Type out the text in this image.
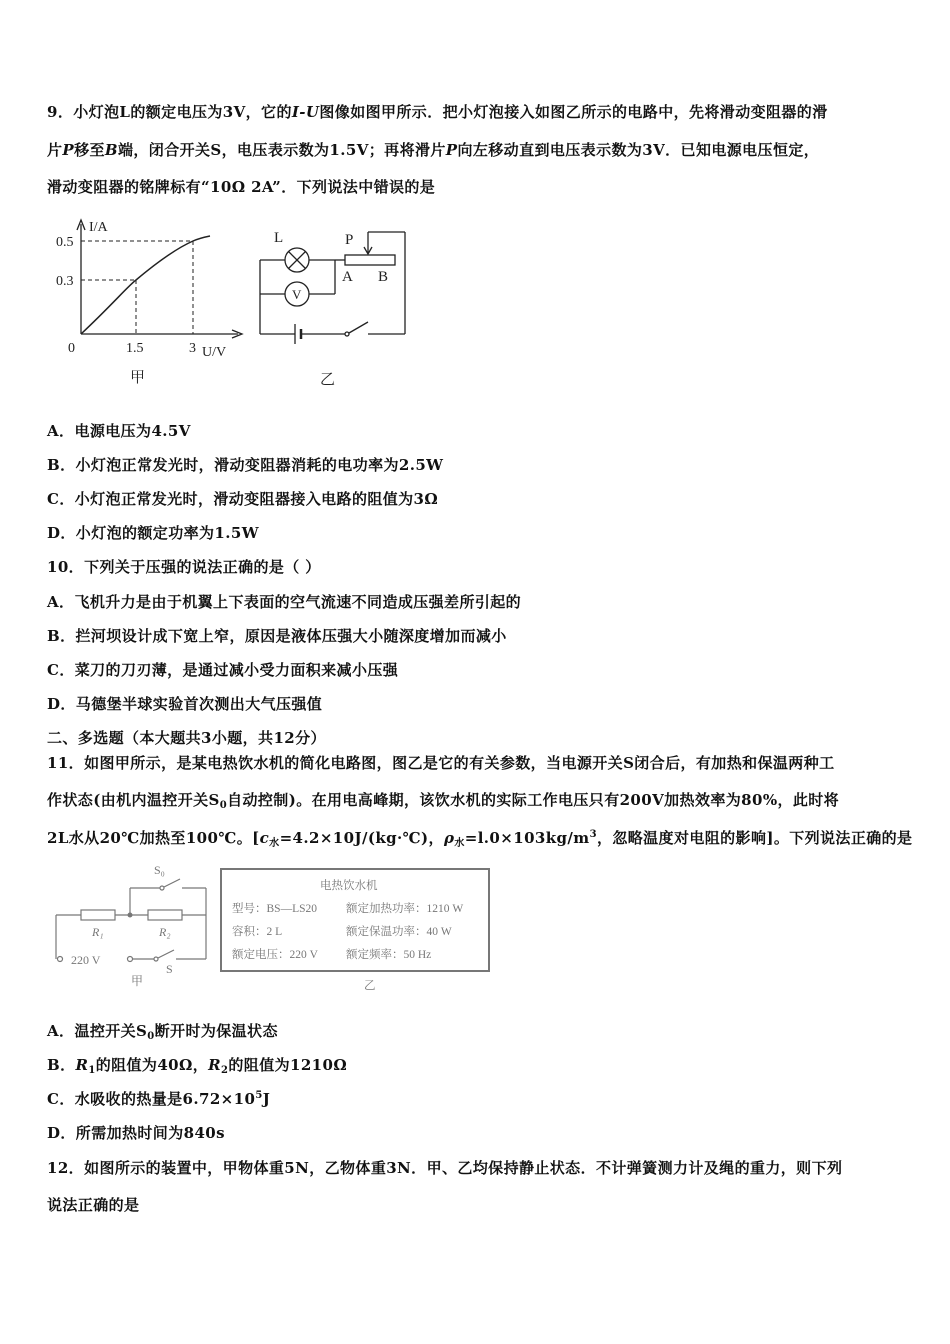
9．小灯泡L的额定电压为3V，它的I-U图像如图甲所示．把小灯泡接入如图乙所示的电路中，先将滑动变阻器的滑
片P移至B端，闭合开关S，电压表示数为1.5V；再将滑片P向左移动直到电压表示数为3V．已知电源电压恒定，
滑动变阻器的铭牌标有“10Ω 2A”．下列说法中错误的是
I/A
0.5
0.3
0	1.5	3 U/V
甲
L	P
A B
V
乙
A．电源电压为4.5V
B．小灯泡正常发光时，滑动变阻器消耗的电功率为2.5W
C．小灯泡正常发光时，滑动变阻器接入电路的阻值为3Ω
D．小灯泡的额定功率为1.5W
10．下列关于压强的说法正确的是（ ）
A．飞机升力是由于机翼上下表面的空气流速不同造成压强差所引起的
B．拦河坝设计成下宽上窄，原因是液体压强大小随深度增加而减小
C．菜刀的刀刃薄，是通过减小受力面积来减小压强
D．马德堡半球实验首次测出大气压强值
二、多选题（本大题共3小题，共12分）
11．如图甲所示，是某电热饮水机的简化电路图，图乙是它的有关参数，当电源开关S闭合后，有加热和保温两种工
作状态(由机内温控开关$S_0$自动控制)。在用电高峰期，该饮水机的实际工作电压只有200V加热效率为80%，此时将
2L水从20℃加热至100℃。[$c_水=4.2\times 10J/(kg\cdot℃)$，$\rho_水=l.0\times 103kg/m^3$，忽略温度对电阻的影响]。下列说法正确的是
S₀
R₁	R₂
220 V
S
甲
电热饮水机
型号：BS—LS20	额定加热功率：1210 W
容积：2 L	额定保温功率：40 W
额定电压：220 V 额定频率：50 Hz
乙
A．温控开关$S_0$断开时为保温状态
B．$R_1$的阻值为40Ω，$R_2$的阻值为1210Ω
C．水吸收的热量是$6.72\times 10^5J$
D．所需加热时间为840s
12．如图所示的装置中，甲物体重5N，乙物体重3N．甲、乙均保持静止状态．不计弹簧测力计及绳的重力，则下列
说法正确的是
